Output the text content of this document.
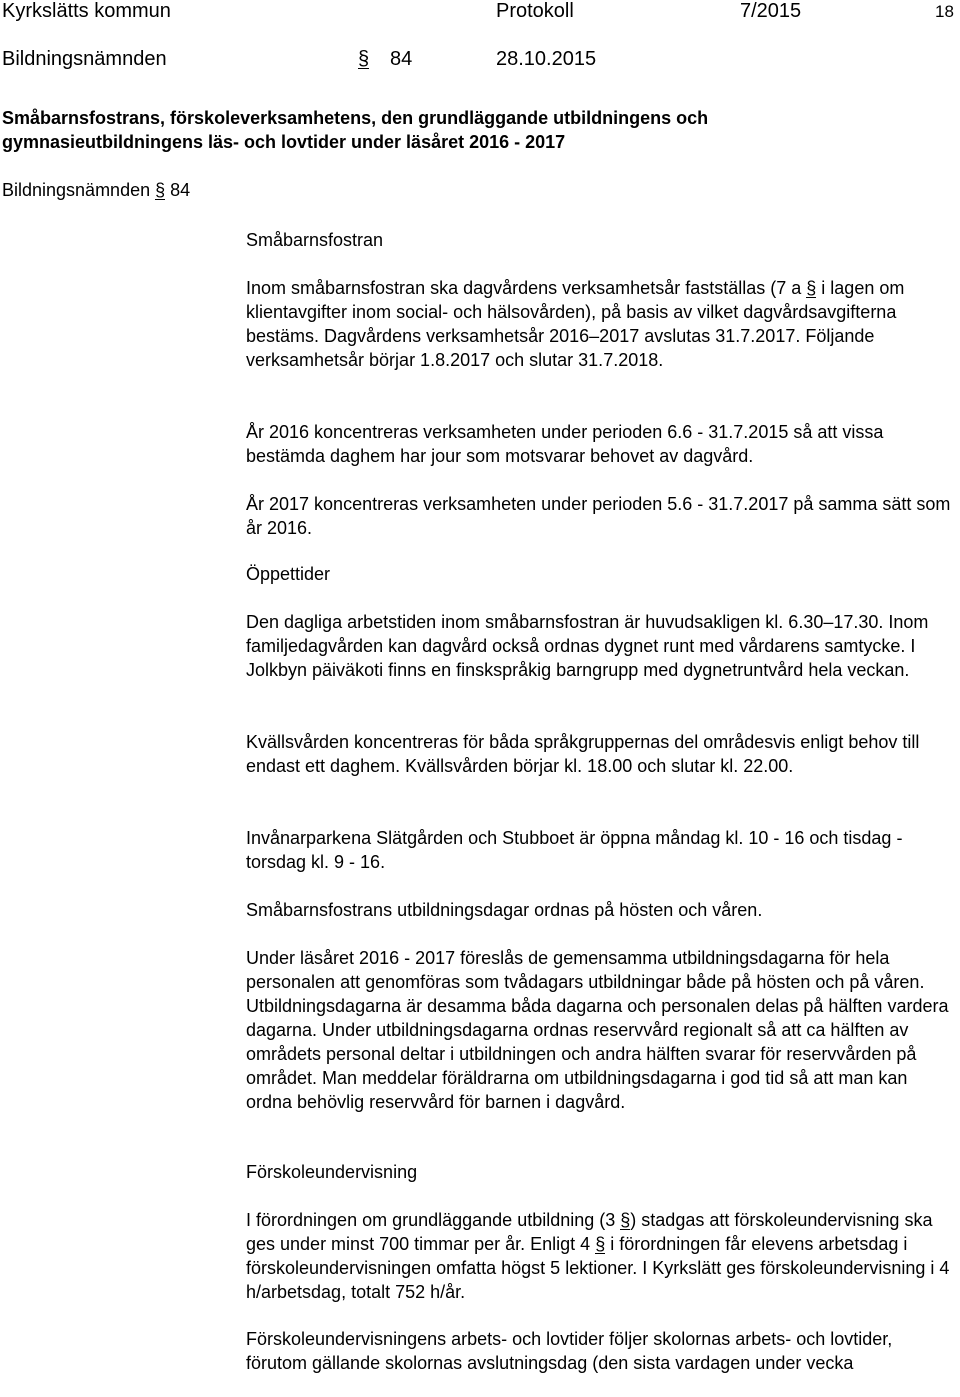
Kyrkslätts kommun	Protokoll	7/2015	18
Bildningsnämnden	§ 84	28.10.2015
Småbarnsfostrans, förskoleverksamhetens, den grundläggande utbildningens och
gymnasieutbildningens läs- och lovtider under läsåret 2016 - 2017
Bildningsnämnden § 84
Småbarnsfostran

Inom småbarnsfostran ska dagvårdens verksamhetsår fastställas (7 a § i lagen om klientavgifter inom social- och hälsovården), på basis av vilket dagvårdsavgifterna bestäms. Dagvårdens verksamhetsår 2016–2017 avslutas 31.7.2017. Följande verksamhetsår börjar 1.8.2017 och slutar 31.7.2018.

År 2016 koncentreras verksamheten under perioden 6.6 - 31.7.2015 så att vissa bestämda daghem har jour som motsvarar behovet av dagvård.
År 2017 koncentreras verksamheten under perioden 5.6 - 31.7.2017 på samma sätt som år 2016.
Öppettider
Den dagliga arbetstiden inom småbarnsfostran är huvudsakligen kl. 6.30–17.30. Inom familjedagvården kan dagvård också ordnas dygnet runt med vårdarens samtycke. I Jolkbyn päiväkoti finns en finskspråkig barngrupp med dygnetruntvård hela veckan.
Kvällsvården koncentreras för båda språkgruppernas del områdesvis enligt behov till endast ett daghem. Kvällsvården börjar kl. 18.00 och slutar kl. 22.00.
Invånarparkena Slätgården och Stubboet är öppna måndag kl. 10 - 16 och tisdag - torsdag kl. 9 - 16.
Småbarnsfostrans utbildningsdagar ordnas på hösten och våren.
Under läsåret 2016 - 2017 föreslås de gemensamma utbildningsdagarna för hela personalen att genomföras som tvådagars utbildningar både på hösten och på våren. Utbildningsdagarna är desamma båda dagarna och personalen delas på hälften vardera dagarna. Under utbildningsdagarna ordnas reservvård regionalt så att ca hälften av områdets personal deltar i utbildningen och andra hälften svarar för reservvården på området. Man meddelar föräldrarna om utbildningsdagarna i god tid så att man kan ordna behövlig reservvård för barnen i dagvård.
Förskoleundervisning

I förordningen om grundläggande utbildning (3 §) stadgas att förskoleundervisning ska ges under minst 700 timmar per år. Enligt 4 § i förordningen får elevens arbetsdag i förskoleundervisningen omfatta högst 5 lektioner. I Kyrkslätt ges förskoleundervisning i 4 h/arbetsdag, totalt 752 h/år.

Förskoleundervisningens arbets- och lovtider följer skolornas arbets- och lovtider,

förutom gällande skolornas avslutningsdag (den sista vardagen under vecka
